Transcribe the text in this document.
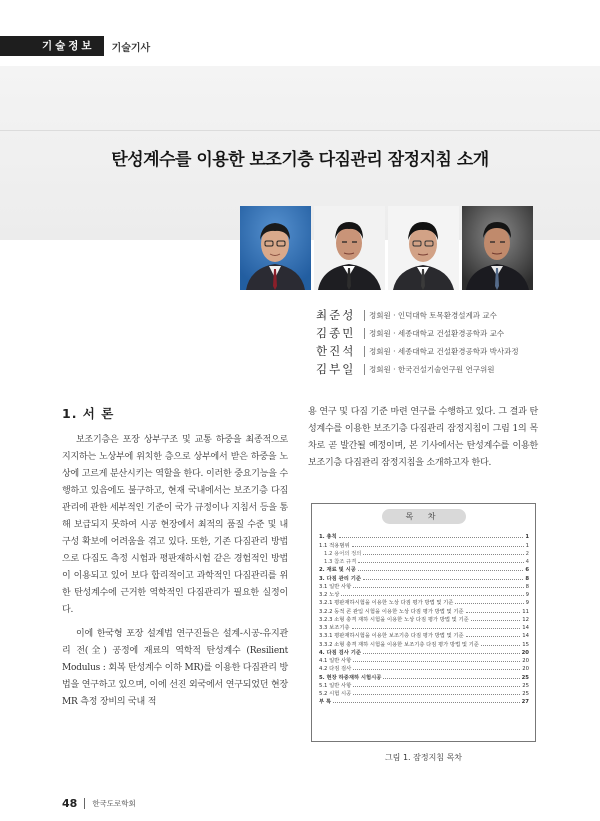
기술정보	기술기사
탄성계수를 이용한 보조기층 다짐관리 잠정지침 소개
최준성	정회원 · 인덕대학 토목환경설계과 교수
김종민	정회원 · 세종대학교 건설환경공학과 교수
한진석	정회원 · 세종대학교 건설환경공학과 박사과정
김부일	정회원 · 한국건설기술연구원 연구위원
1. 서 론

보조기층은 포장 상부구조 및 교통 하중을 최종적으로 지지하는 노상부에 위치한 층으로 상부에서 받은 하중을 노상에 고르게 분산시키는 역할을 한다. 이러한 중요기능을 수행하고 있음에도 불구하고, 현재 국내에서는 보조기층 다짐관리에 관한 세부적인 기준이 국가 규정이나 지침서 등을 통해 보급되지 못하여 시공 현장에서 최적의 품질 수준 및 내구성 확보에 어려움을 겪고 있다. 또한, 기존 다짐관리 방법으로 다짐도 측정 시험과 평판재하시험 같은 경험적인 방법이 이용되고 있어 보다 합리적이고 과학적인 다짐관리를 위한 탄성계수에 근거한 역학적인 다짐관리가 필요한 실정이다.

이에 한국형 포장 설계법 연구진들은 설계-시공-유지관리 전(全) 공정에 재료의 역학적 탄성계수 (Resilient Modulus : 회복 탄성계수 이하 MR)를 이용한 다짐관리 방법을 연구하고 있으며, 이에 선진 외국에서 연구되었던 현장 MR 측정 장비의 국내 적

용 연구 및 다짐 기준 마련 연구를 수행하고 있다. 그 결과 탄성계수를 이용한 보조기층 다짐관리 잠정지침이 그림 1의 목차로 곧 발간될 예정이며, 본 기사에서는 탄성계수를 이용한 보조기층 다짐관리 잠정지침을 소개하고자 한다.

목 차
1. 총칙	1
1.1 적용범위	1
1.2 용어의 정의	2
1.3 참조 규격	4
2. 재료 및 시공	6
3. 다짐 관리 기준	8
3.1 일반 사항	8
3.2 노상	9
3.2.1 평판재하시험을 이용한 노상 다짐 평가 방법 및 기준	9
3.2.2 동적 콘 관입 시험을 이용한 노상 다짐 평가 방법 및 기준	11
3.2.3 소형 충격 재하 시험을 이용한 노상 다짐 평가 방법 및 기준	12
3.3 보조기층	14
3.3.1 평판재하시험을 이용한 보조기층 다짐 평가 방법 및 기준	14
3.3.2 소형 충격 재하 시험을 이용한 보조기층 다짐 평가 방법 및 기준	15
4. 다짐 검사 기준	20
4.1 일반 사항	20
4.2 다짐 검사	20
5. 현장 하중재하 시험시공	25
5.1 일반 사항	25
5.2 시험 시공	25
부 록	27
그림 1. 잠정지침 목차
48 한국도로학회
